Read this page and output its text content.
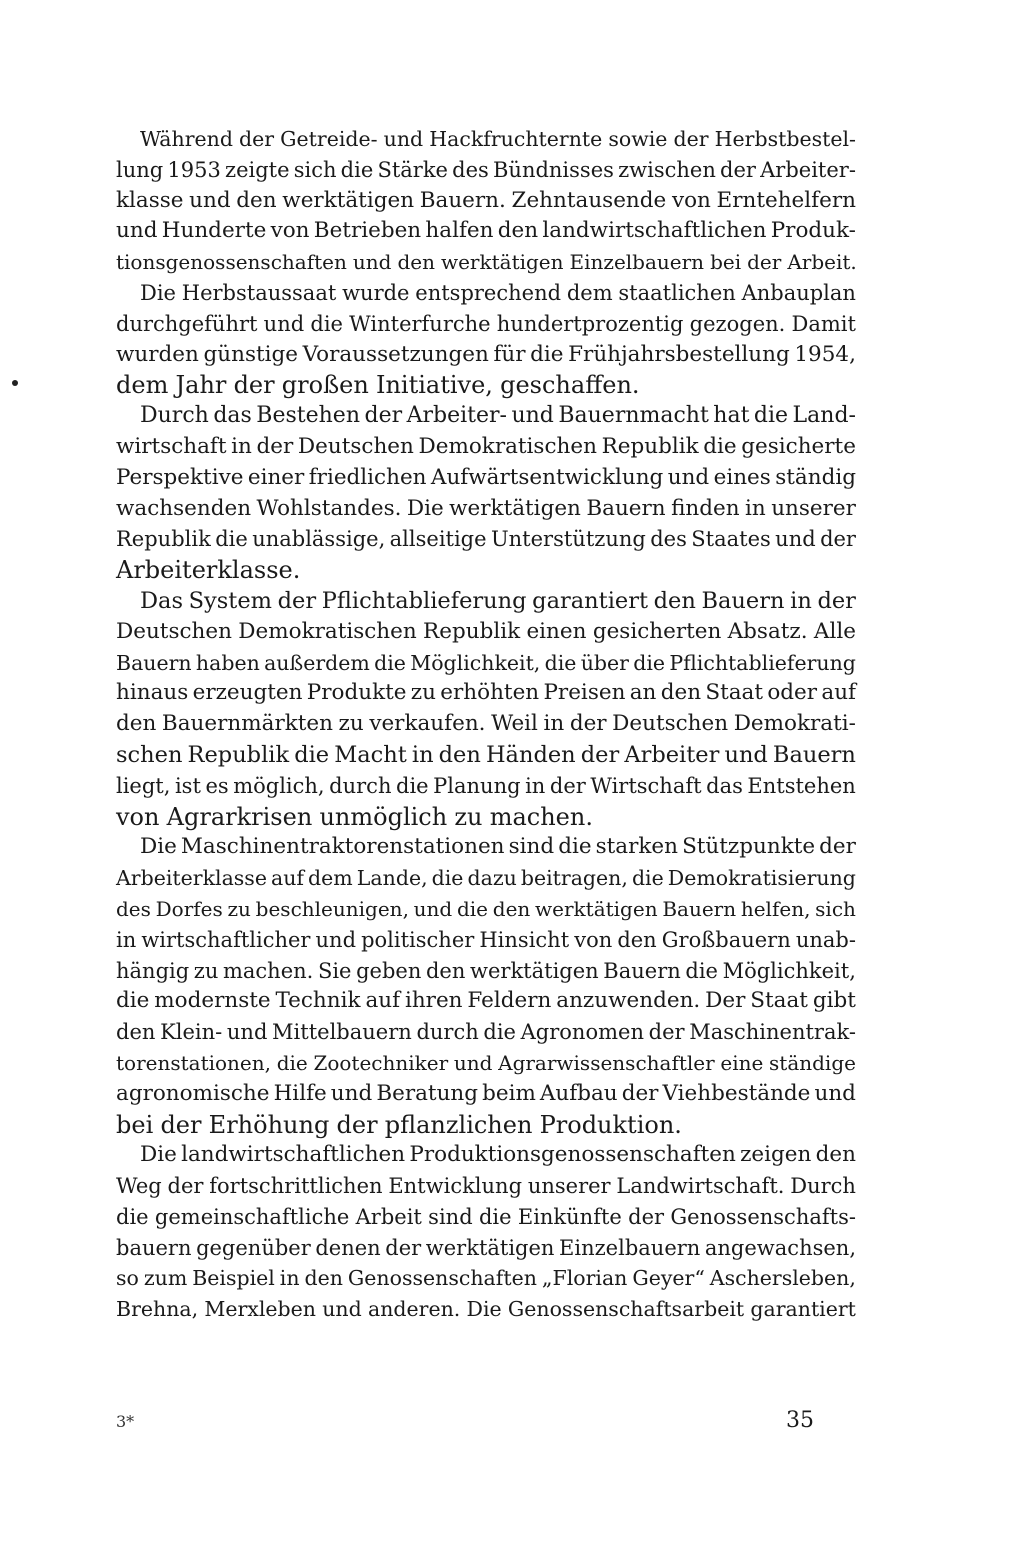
Während der Getreide- und Hackfruchternte sowie der Herbstbestel-
lung 1953 zeigte sich die Stärke des Bündnisses zwischen der Arbeiter-
klasse und den werktätigen Bauern. Zehntausende von Erntehelfern
und Hunderte von Betrieben halfen den landwirtschaftlichen Produk-
tionsgenossenschaften und den werktätigen Einzelbauern bei der Arbeit.
Die Herbstaussaat wurde entsprechend dem staatlichen Anbauplan
durchgeführt und die Winterfurche hundertprozentig gezogen. Damit
wurden günstige Voraussetzungen für die Frühjahrsbestellung 1954,
dem Jahr der großen Initiative, geschaffen.
Durch das Bestehen der Arbeiter- und Bauernmacht hat die Land-
wirtschaft in der Deutschen Demokratischen Republik die gesicherte
Perspektive einer friedlichen Aufwärtsentwicklung und eines ständig
wachsenden Wohlstandes. Die werktätigen Bauern finden in unserer
Republik die unablässige, allseitige Unterstützung des Staates und der
Arbeiterklasse.
Das System der Pflichtablieferung garantiert den Bauern in der
Deutschen Demokratischen Republik einen gesicherten Absatz. Alle
Bauern haben außerdem die Möglichkeit, die über die Pflichtablieferung
hinaus erzeugten Produkte zu erhöhten Preisen an den Staat oder auf
den Bauernmärkten zu verkaufen. Weil in der Deutschen Demokrati-
schen Republik die Macht in den Händen der Arbeiter und Bauern
liegt, ist es möglich, durch die Planung in der Wirtschaft das Entstehen
von Agrarkrisen unmöglich zu machen.
Die Maschinentraktorenstationen sind die starken Stützpunkte der
Arbeiterklasse auf dem Lande, die dazu beitragen, die Demokratisierung
des Dorfes zu beschleunigen, und die den werktätigen Bauern helfen, sich
in wirtschaftlicher und politischer Hinsicht von den Großbauern unab-
hängig zu machen. Sie geben den werktätigen Bauern die Möglichkeit,
die modernste Technik auf ihren Feldern anzuwenden. Der Staat gibt
den Klein- und Mittelbauern durch die Agronomen der Maschinentrak-
torenstationen, die Zootechniker und Agrarwissenschaftler eine ständige
agronomische Hilfe und Beratung beim Aufbau der Viehbestände und
bei der Erhöhung der pflanzlichen Produktion.
Die landwirtschaftlichen Produktionsgenossenschaften zeigen den
Weg der fortschrittlichen Entwicklung unserer Landwirtschaft. Durch
die gemeinschaftliche Arbeit sind die Einkünfte der Genossenschafts-
bauern gegenüber denen der werktätigen Einzelbauern angewachsen,
so zum Beispiel in den Genossenschaften „Florian Geyer“ Aschersleben,
Brehna, Merxleben und anderen. Die Genossenschaftsarbeit garantiert
3*	35
